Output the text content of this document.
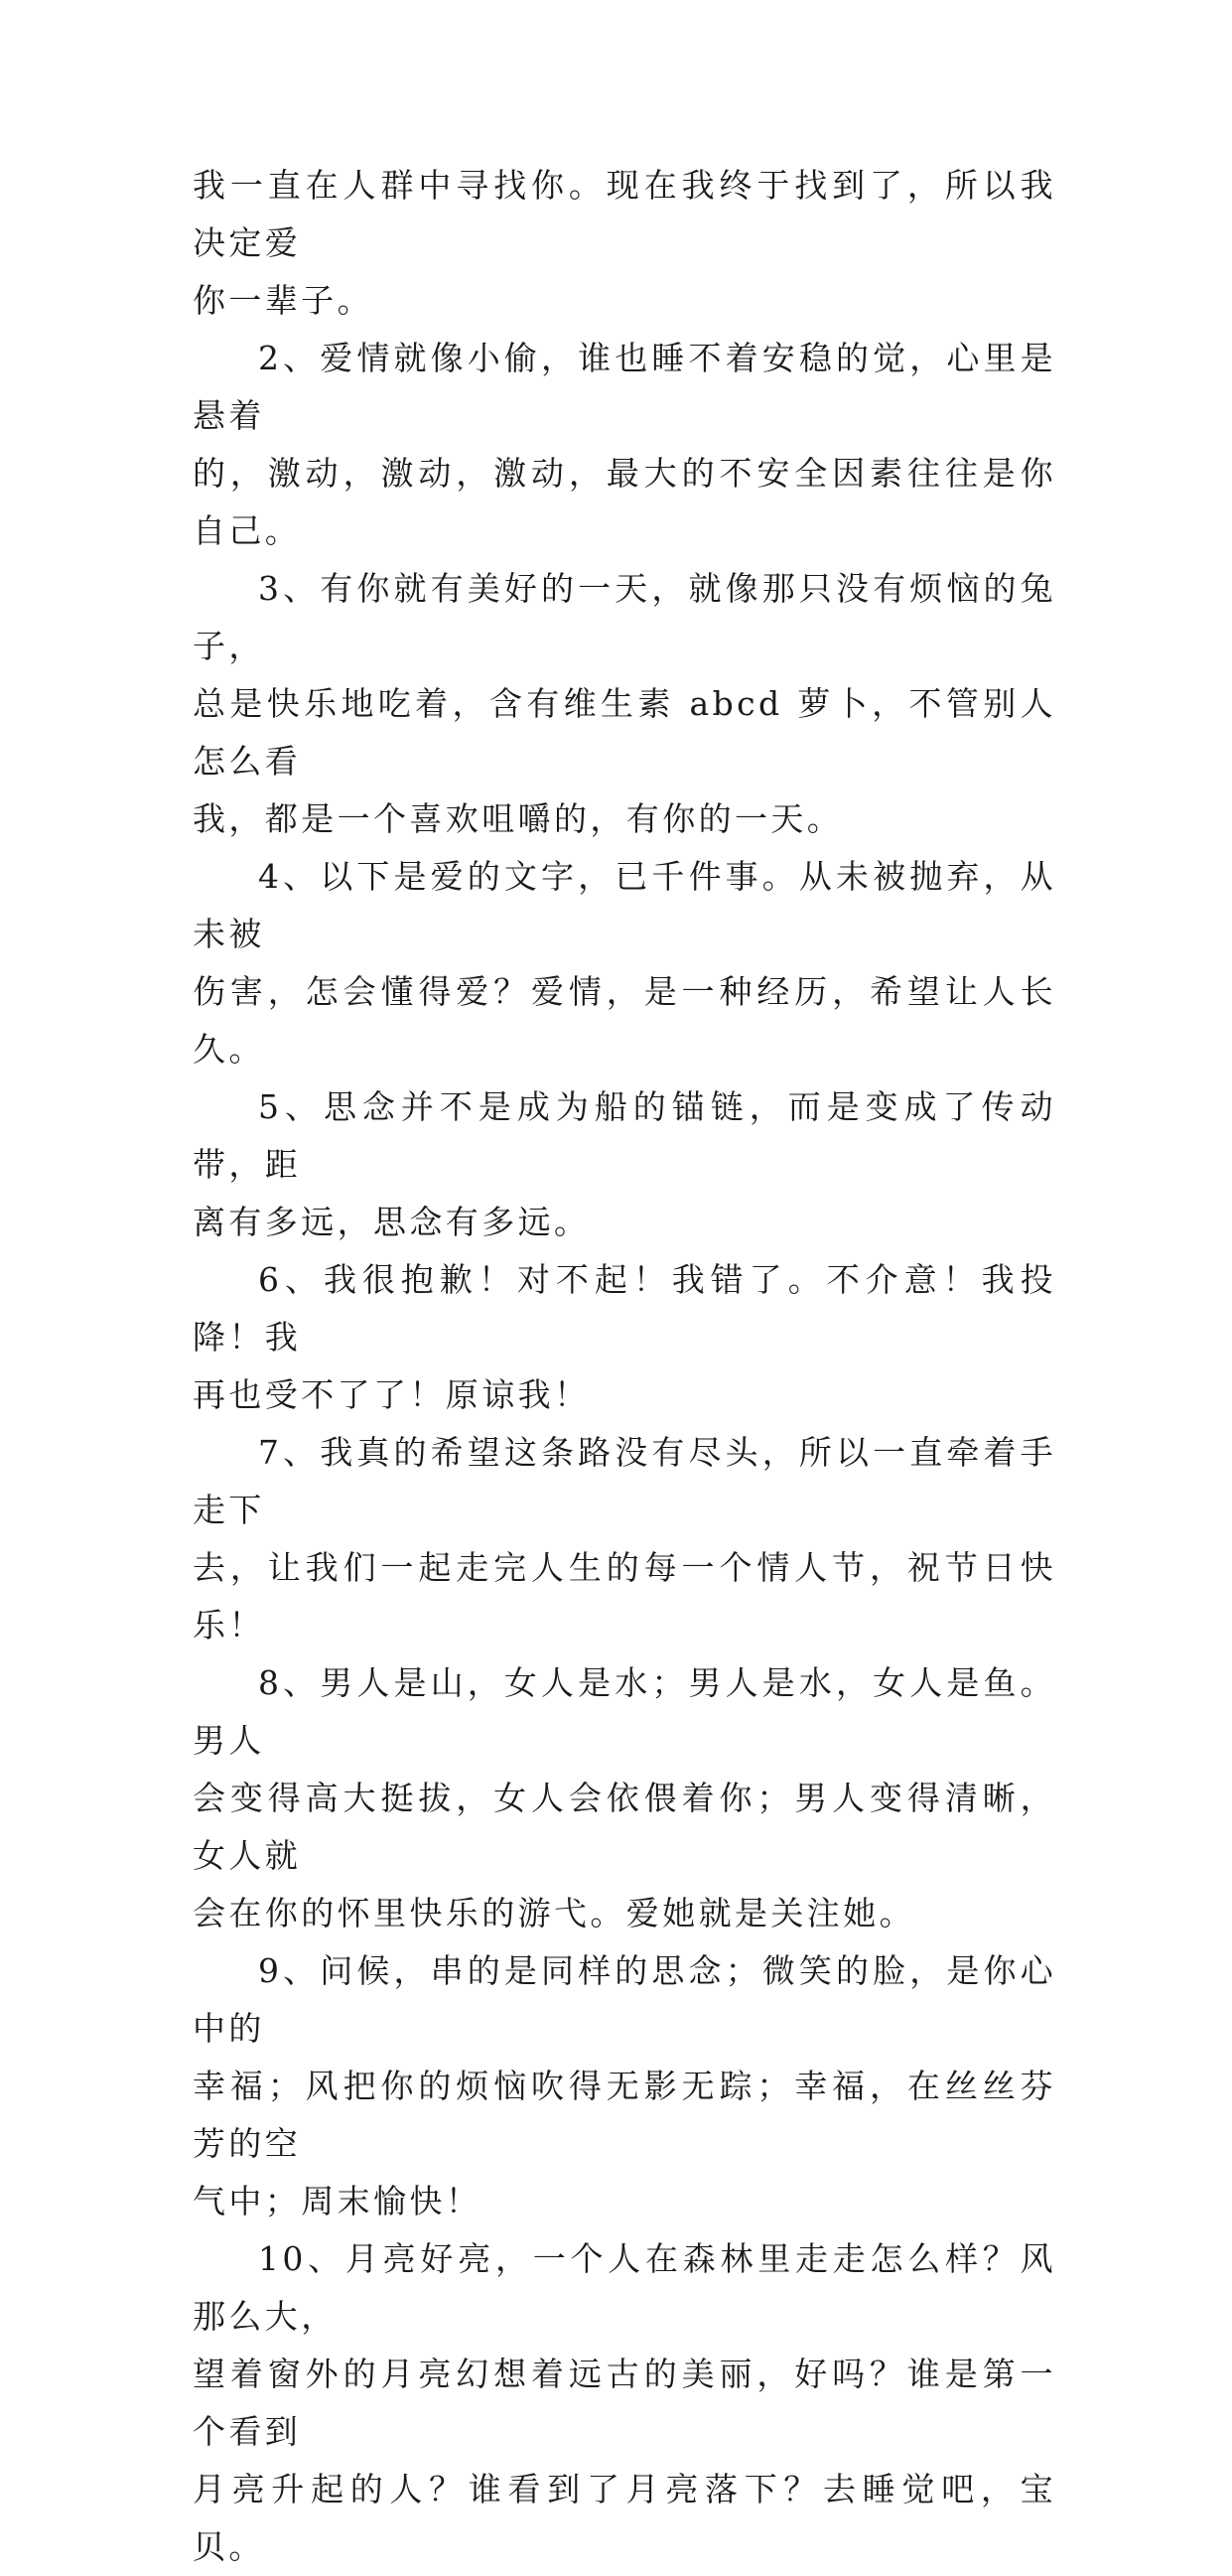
我一直在人群中寻找你。现在我终于找到了，所以我决定爱
你一辈子。

2、爱情就像小偷，谁也睡不着安稳的觉，心里是悬着
的，激动，激动，激动，最大的不安全因素往往是你自己。

3、有你就有美好的一天，就像那只没有烦恼的兔子，
总是快乐地吃着，含有维生素 abcd 萝卜，不管别人怎么看
我，都是一个喜欢咀嚼的，有你的一天。

4、以下是爱的文字，已千件事。从未被抛弃，从未被
伤害，怎会懂得爱？爱情，是一种经历，希望让人长久。

5、思念并不是成为船的锚链，而是变成了传动带，距
离有多远，思念有多远。

6、我很抱歉！对不起！我错了。不介意！我投降！我
再也受不了了！原谅我！

7、我真的希望这条路没有尽头，所以一直牵着手走下
去，让我们一起走完人生的每一个情人节，祝节日快乐！

8、男人是山，女人是水；男人是水，女人是鱼。男人
会变得高大挺拔，女人会依偎着你；男人变得清晰，女人就
会在你的怀里快乐的游弋。爱她就是关注她。

9、问候，串的是同样的思念；微笑的脸，是你心中的
幸福；风把你的烦恼吹得无影无踪；幸福，在丝丝芬芳的空
气中；周末愉快！

10、月亮好亮，一个人在森林里走走怎么样？风那么大，
望着窗外的月亮幻想着远古的美丽，好吗？谁是第一个看到
月亮升起的人？谁看到了月亮落下？去睡觉吧，宝贝。
